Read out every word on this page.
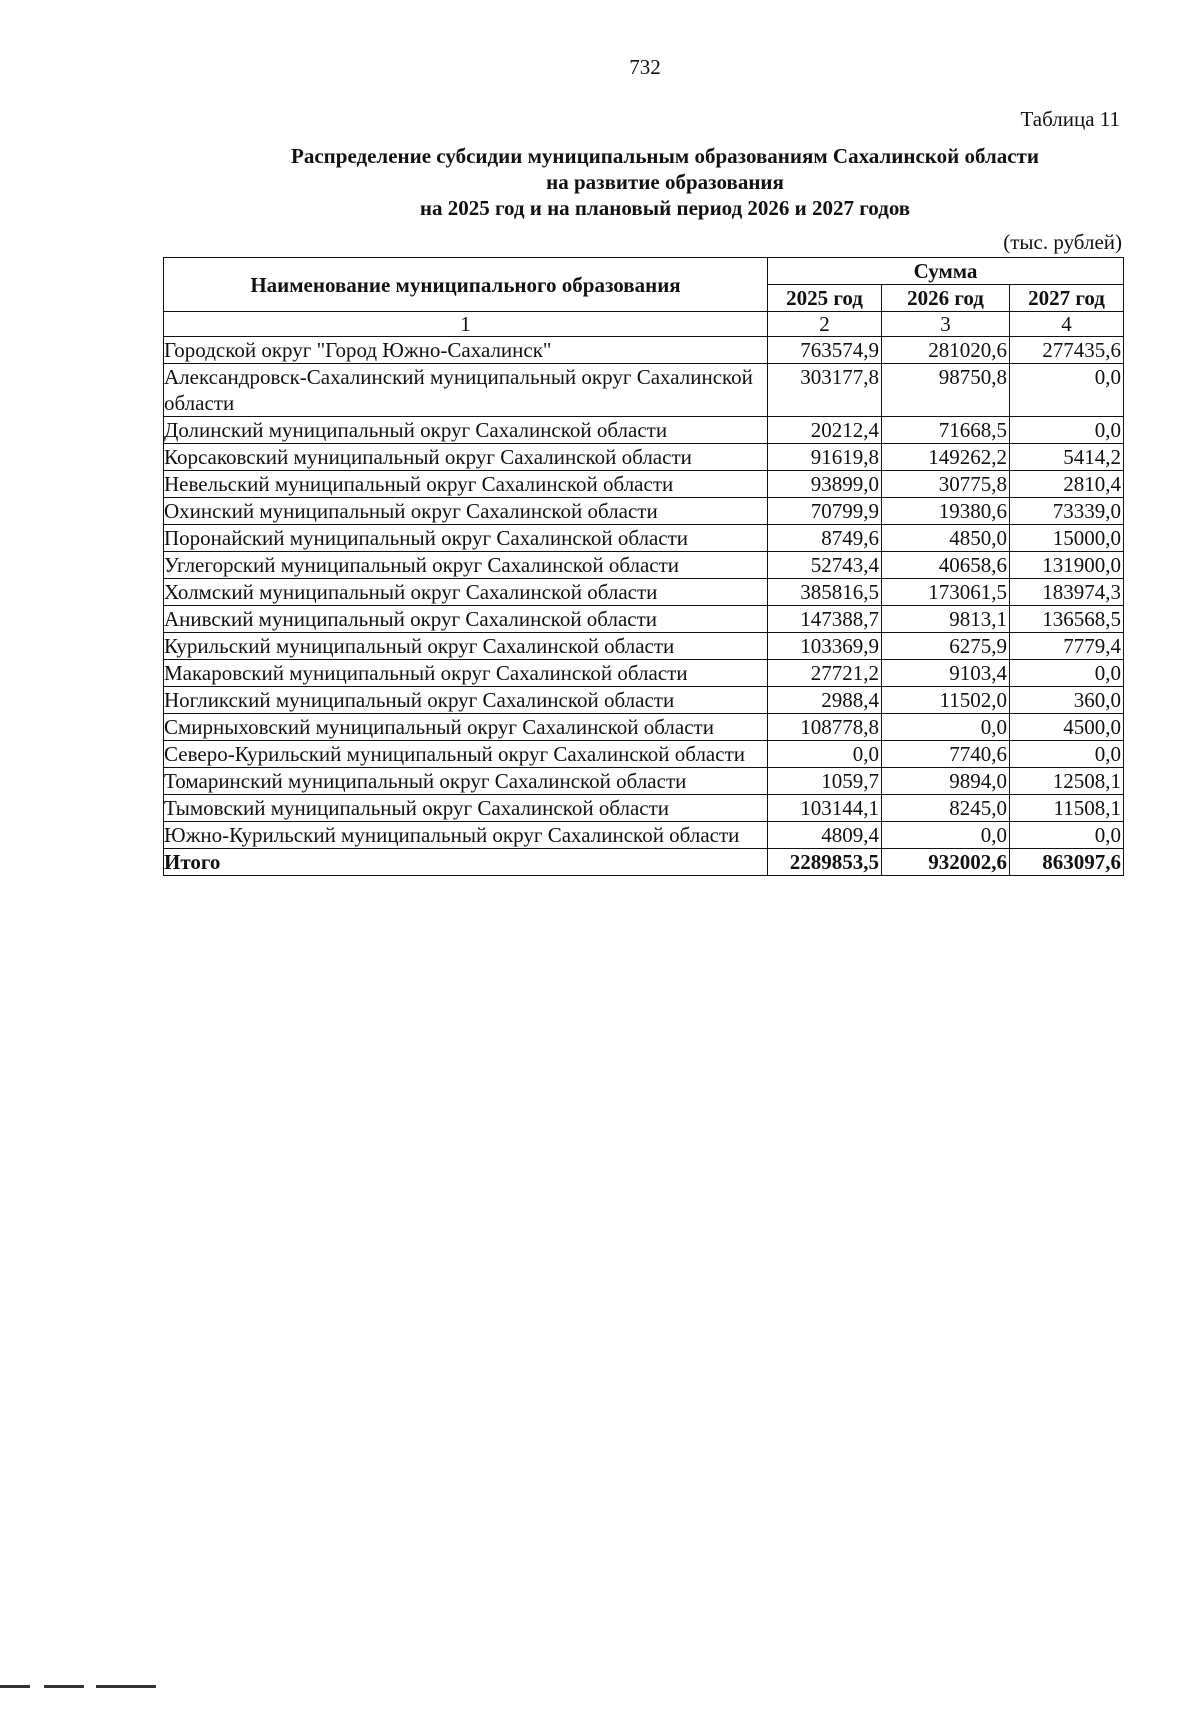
732
Таблица 11
Распределение субсидии муниципальным образованиям Сахалинской области
на развитие образования
на 2025 год и на плановый период 2026 и 2027 годов
(тыс. рублей)
Наименование муниципального образования	Сумма		
	2025 год	2026 год	2027 год
1	2	3	4
Городской округ "Город Южно-Сахалинск"	763574,9	281020,6	277435,6
Александровск-Сахалинский муниципальный округ Сахалинской области	303177,8	98750,8	0,0
Долинский муниципальный округ Сахалинской области	20212,4	71668,5	0,0
Корсаковский муниципальный округ Сахалинской области	91619,8	149262,2	5414,2
Невельский муниципальный округ Сахалинской области	93899,0	30775,8	2810,4
Охинский муниципальный округ Сахалинской области	70799,9	19380,6	73339,0
Поронайский муниципальный округ Сахалинской области	8749,6	4850,0	15000,0
Углегорский муниципальный округ Сахалинской области	52743,4	40658,6	131900,0
Холмский муниципальный округ Сахалинской области	385816,5	173061,5	183974,3
Анивский муниципальный округ Сахалинской области	147388,7	9813,1	136568,5
Курильский муниципальный округ Сахалинской области	103369,9	6275,9	7779,4
Макаровский муниципальный округ Сахалинской области	27721,2	9103,4	0,0
Ногликский муниципальный округ Сахалинской области	2988,4	11502,0	360,0
Смирныховский муниципальный округ Сахалинской области	108778,8	0,0	4500,0
Северо-Курильский муниципальный округ Сахалинской области	0,0	7740,6	0,0
Томаринский муниципальный округ Сахалинской области	1059,7	9894,0	12508,1
Тымовский муниципальный округ Сахалинской области	103144,1	8245,0	11508,1
Южно-Курильский муниципальный округ Сахалинской области	4809,4	0,0	0,0
Итого	2289853,5	932002,6	863097,6
